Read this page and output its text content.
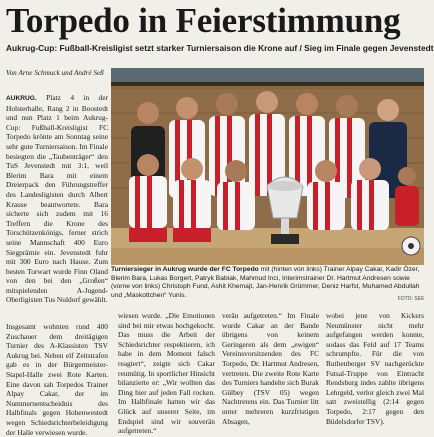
Torpedo in Feierstimmung
Aukrug-Cup: Fußball-Kreisligist setzt starker Turniersaison die Krone auf / Sieg im Finale gegen Jevenstedt
Von Arne Schmuck und André Seß
AUKRUG. Platz 4 in der Holsterhalle, Rang 2 in Boostedt und nun Platz 1 beim Aukrug-Cup: Fußball-Kreisligist FC Torpedo krönte am Sonntag seine sehr gute Turniersaison. Im Finale besiegten die „Taubenträger“ den TuS Jevenstedt mit 3:1, weil Blerim Bara mit einem Dreierpack den Führungstreffer des Landesligisten durch Albert Krause beantwortete. Bara sicherte sich zudem mit 16 Treffern die Krone des Torschützenkönigs, ferner strich seine Mannschaft 400 Euro Siegprämie ein. Jevenstedt fuhr mit 300 Euro nach Hause. Zum besten Torwart wurde Finn Oland von den bei den „Großen“ mitspielenden A-Jugend-Oberligisten Tus Nuldorf gewählt.
Insgesamt wohnten rund 400 Zuschauer dem dreitägigen Turnier des A-Klassisten TSV Aukrug bei. Neben elf Zeitstrafen gab es in der Bürgermeister-Stapel-Halle zwei Rote Karten. Eine davon sah Torpedos Trainer Alpay Cakar, der im Nummernentscheidnis des Halbfinals gegen Hohenwestedt wegen Schiedsrichterbeleidigung der Halle verwiesen wurde.
Turniersieger in Aukrug wurde der FC Torpedo mit (hinten von links) Trainer Alpay Cakar, Kadir Özer, Blerim Bara, Lukas Borgert, Patryk Babiak, Mahmud Inci, Interimstrainer Dr. Hartmut Andresen sowie (vorne von links) Christoph Fund, Ashit Khemajt, Jan-Henrik Grümmer, Deniz Harfst, Muhamed Abdullah und „Maskottchen“ Yunis.	FOTO: SEß
wiesen wurde. „Die Emotionen sind bei mir etwas hochgekocht. Das muss die Arbeit der Schiedsrichter respektieren, ich habe in dem Moment falsch reagiert“, zeigte sich Cakar reumütig. In sportlicher Hinsicht bilanzierte er: „Wir wollten das Ding hier auf jeden Fall rocken. Im Halbfinale hatten wir das Glück auf unserer Seite, im Endspiel sind wir souverän aufgetreten.“
verän aufgetreten.“ Im Finale wurde Cakar an der Bande übrigens von keinem Geringeren als dem „ewigen“ Vereinsvorsitzenden des FC Torpedo, Dr. Hartmut Andresen, vertreten. Die zweite Rote Karte des Turniers handelte sich Burak Gülbey (TSV 05) wegen Nachtretens ein. Das Turnier litt unter mehreren kurzfristigen Absagen,
wobei jene von Kickers Neumünster nicht mehr aufgefangen werden konnte, sodass das Feld auf 17 Teams schrumpfte. Für die von Ruthenberger SV nachgerückte Futsal-Truppe von Eintracht Rendsburg indes zahlte übrigens Lehrgeld, verlor gleich zwei Mal satt zweistellig (2:14 gegen Torpedo, 2:17 gegen den Büdelsdorfer TSV).
